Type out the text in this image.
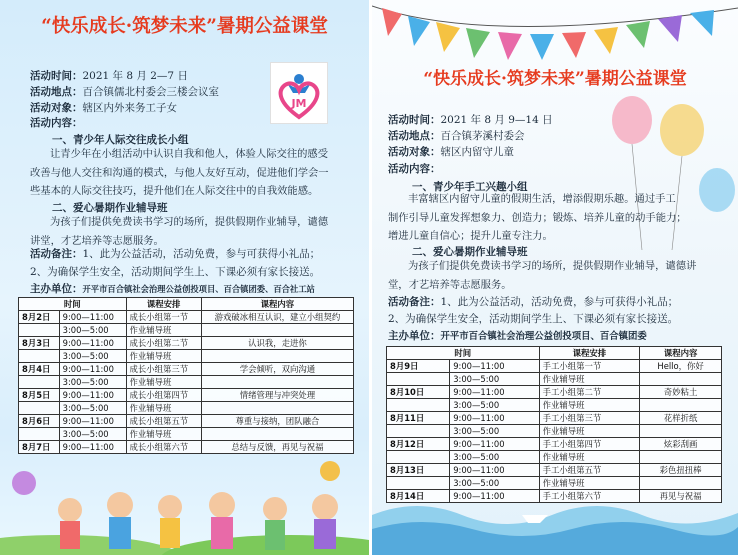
“快乐成长·筑梦未来”暑期公益课堂
JM
活动时间：2021 年 8 月 2—7 日
活动地点：百合镇儒北村委会三楼会议室
活动对象：辖区内外来务工子女
活动内容：
一、青少年人际交往成长小组
让青少年在小组活动中认识自我和他人，体验人际交往的感受
改善与他人交往和沟通的模式，与他人友好互动，促进他们学会一
些基本的人际交往技巧，提升他们在人际交往中的自我效能感。
二、爱心暑期作业辅导班
为孩子们提供免费读书学习的场所，提供假期作业辅导，谴德
讲堂，才艺培养等志愿服务。
活动备注：1、此为公益活动，活动免费，参与可获得小礼品；
2、为确保学生安全，活动期间学生上、下课必须有家长接送。
主办单位：开平市百合镇社会治理公益创投项目、百合镇团委、百合社工站
时间		课程安排	课程内容
8月2日	9:00—11:00	成长小组第一节	游戏破冰相互认识，建立小组契约
	3:00—5:00	作业辅导班	
8月3日	9:00—11:00	成长小组第二节	认识我，走进你
	3:00—5:00	作业辅导班	
8月4日	9:00—11:00	成长小组第三节	学会倾听，双向沟通
	3:00—5:00	作业辅导班	
8月5日	9:00—11:00	成长小组第四节	情绪管理与冲突处理
	3:00—5:00	作业辅导班	
8月6日	9:00—11:00	成长小组第五节	尊重与接纳，团队融合
	3:00—5:00	作业辅导班	
8月7日	9:00—11:00	成长小组第六节	总结与反馈，再见与祝福
“快乐成长·筑梦未来”暑期公益课堂
活动时间：2021 年 8 月 9—14 日
活动地点：百合镇茅溪村委会
活动对象：辖区内留守儿童
活动内容：
一、青少年手工兴趣小组
丰富辖区内留守儿童的假期生活，增添假期乐趣。通过手工
制作引导儿童发挥想象力、创造力；锻炼、培养儿童的动手能力；
增进儿童自信心；提升儿童专注力。
二、爱心暑期作业辅导班
为孩子们提供免费读书学习的场所，提供假期作业辅导，谴德讲
堂，才艺培养等志愿服务。
活动备注：1、此为公益活动，活动免费，参与可获得小礼品；
2、为确保学生安全，活动期间学生上、下课必须有家长接送。
主办单位：开平市百合镇社会治理公益创投项目、百合镇团委
时间		课程安排	课程内容
8月9日	9:00—11:00	手工小组第一节	Hello，你好
	3:00—5:00	作业辅导班	
8月10日	9:00—11:00	手工小组第二节	奇妙粘土
	3:00—5:00	作业辅导班	
8月11日	9:00—11:00	手工小组第三节	花样折纸
	3:00—5:00	作业辅导班	
8月12日	9:00—11:00	手工小组第四节	炫彩刮画
	3:00—5:00	作业辅导班	
8月13日	9:00—11:00	手工小组第五节	彩色扭扭棒
	3:00—5:00	作业辅导班	
8月14日	9:00—11:00	手工小组第六节	再见与祝福
